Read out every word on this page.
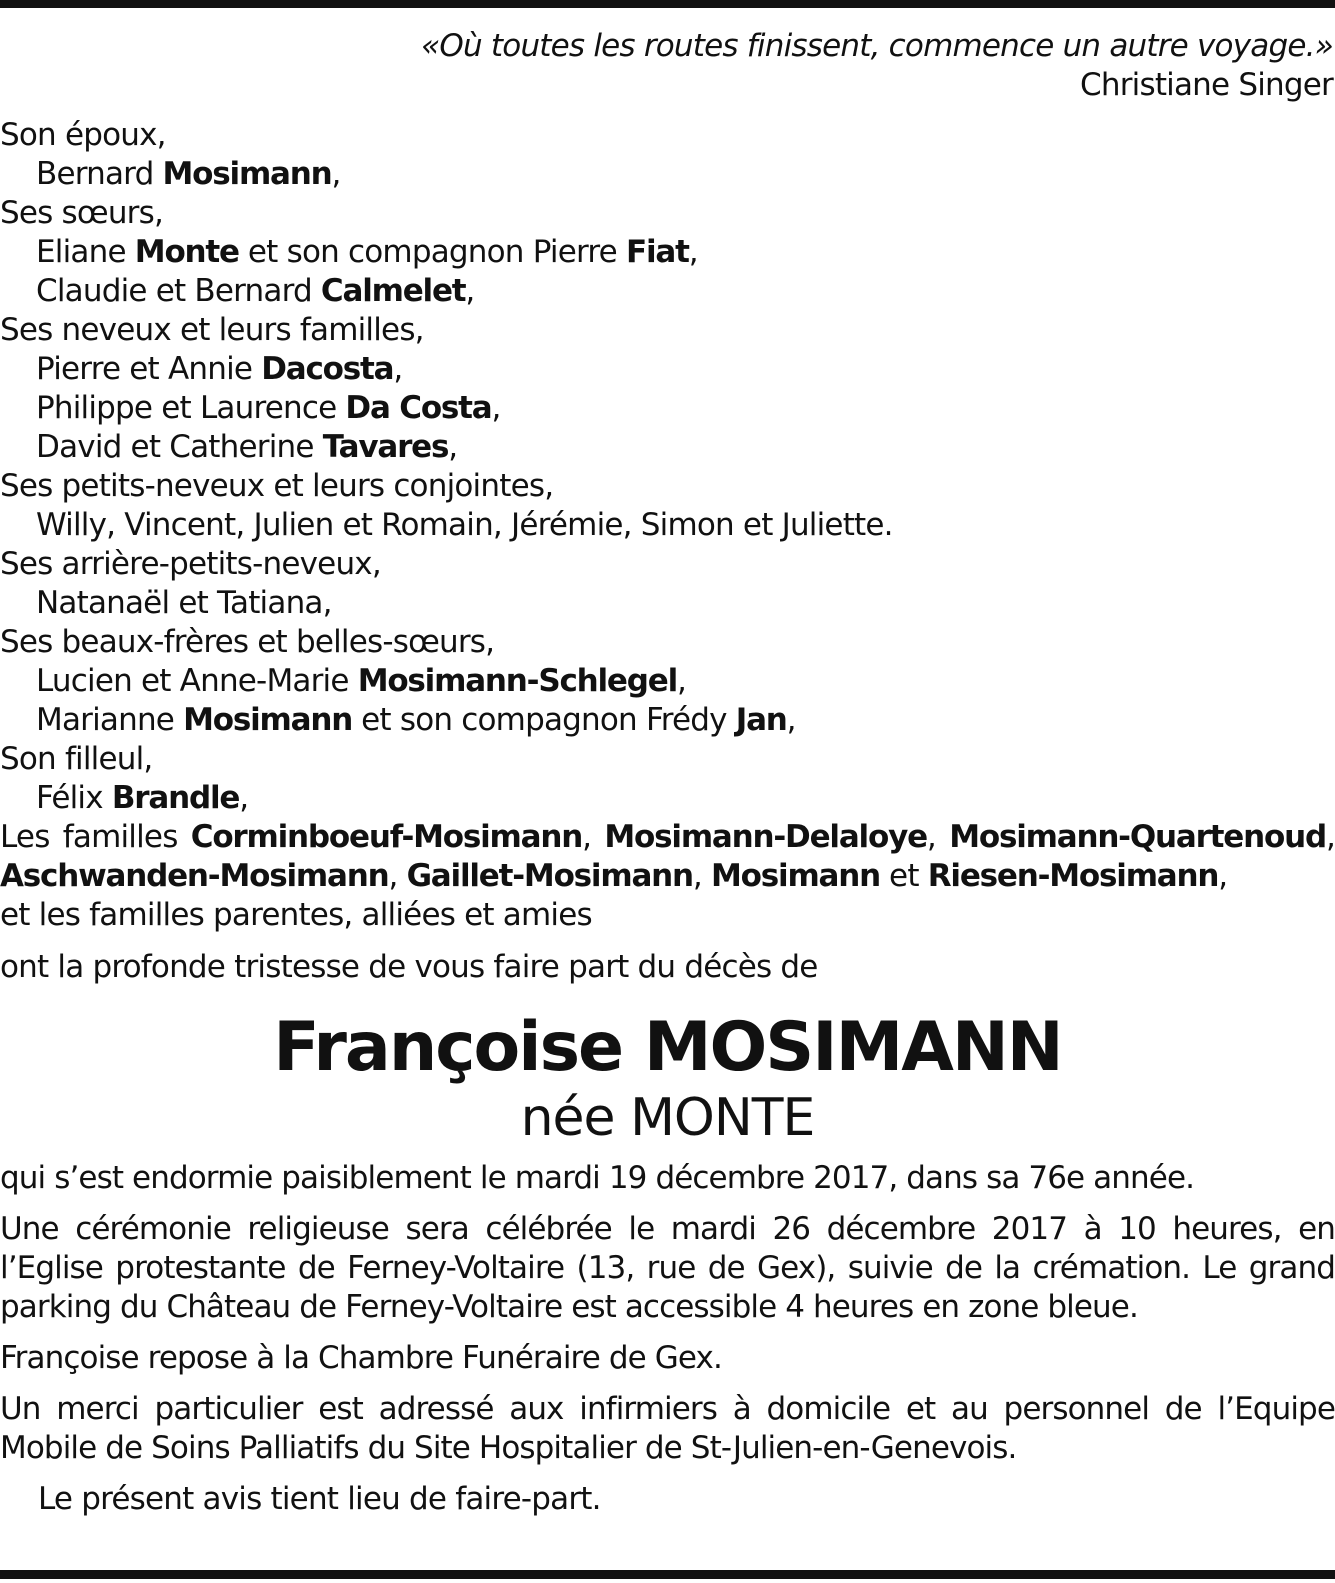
«Où toutes les routes finissent, commence un autre voyage.»
Christiane Singer
Son époux,
Bernard Mosimann,
Ses sœurs,
Eliane Monte et son compagnon Pierre Fiat,
Claudie et Bernard Calmelet,
Ses neveux et leurs familles,
Pierre et Annie Dacosta,
Philippe et Laurence Da Costa,
David et Catherine Tavares,
Ses petits-neveux et leurs conjointes,
Willy, Vincent, Julien et Romain, Jérémie, Simon et Juliette.
Ses arrière-petits-neveux,
Natanaël et Tatiana,
Ses beaux-frères et belles-sœurs,
Lucien et Anne-Marie Mosimann-Schlegel,
Marianne Mosimann et son compagnon Frédy Jan,
Son filleul,
Félix Brandle,
Les familles Corminboeuf-Mosimann, Mosimann-Delaloye, Mosimann-Quartenoud,
Aschwanden-Mosimann, Gaillet-Mosimann, Mosimann et Riesen-Mosimann,
et les familles parentes, alliées et amies
ont la profonde tristesse de vous faire part du décès de
Françoise MOSIMANN
née MONTE
qui s’est endormie paisiblement le mardi 19 décembre 2017, dans sa 76e année.
Une cérémonie religieuse sera célébrée le mardi 26 décembre 2017 à 10 heures, en l’Eglise protestante de Ferney-Voltaire (13, rue de Gex), suivie de la crémation. Le grand parking du Château de Ferney-Voltaire est accessible 4 heures en zone bleue.
Françoise repose à la Chambre Funéraire de Gex.
Un merci particulier est adressé aux infirmiers à domicile et au personnel de l’Equipe Mobile de Soins Palliatifs du Site Hospitalier de St-Julien-en-Genevois.
Le présent avis tient lieu de faire-part.
